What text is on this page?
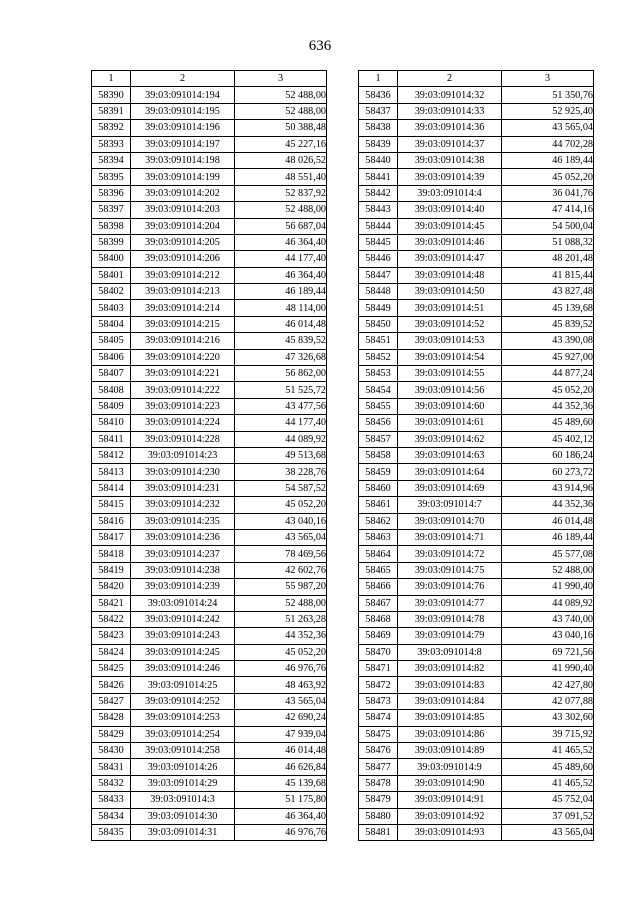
636
1	2	3
58390	39:03:091014:194	52 488,00
58391	39:03:091014:195	52 488,00
58392	39:03:091014:196	50 388,48
58393	39:03:091014:197	45 227,16
58394	39:03:091014:198	48 026,52
58395	39:03:091014:199	48 551,40
58396	39:03:091014:202	52 837,92
58397	39:03:091014:203	52 488,00
58398	39:03:091014:204	56 687,04
58399	39:03:091014:205	46 364,40
58400	39:03:091014:206	44 177,40
58401	39:03:091014:212	46 364,40
58402	39:03:091014:213	46 189,44
58403	39:03:091014:214	48 114,00
58404	39:03:091014:215	46 014,48
58405	39:03:091014:216	45 839,52
58406	39:03:091014:220	47 326,68
58407	39:03:091014:221	56 862,00
58408	39:03:091014:222	51 525,72
58409	39:03:091014:223	43 477,56
58410	39:03:091014:224	44 177,40
58411	39:03:091014:228	44 089,92
58412	39:03:091014:23	49 513,68
58413	39:03:091014:230	38 228,76
58414	39:03:091014:231	54 587,52
58415	39:03:091014:232	45 052,20
58416	39:03:091014:235	43 040,16
58417	39:03:091014:236	43 565,04
58418	39:03:091014:237	78 469,56
58419	39:03:091014:238	42 602,76
58420	39:03:091014:239	55 987,20
58421	39:03:091014:24	52 488,00
58422	39:03:091014:242	51 263,28
58423	39:03:091014:243	44 352,36
58424	39:03:091014:245	45 052,20
58425	39:03:091014:246	46 976,76
58426	39:03:091014:25	48 463,92
58427	39:03:091014:252	43 565,04
58428	39:03:091014:253	42 690,24
58429	39:03:091014:254	47 939,04
58430	39:03:091014:258	46 014,48
58431	39:03:091014:26	46 626,84
58432	39:03:091014:29	45 139,68
58433	39:03:091014:3	51 175,80
58434	39:03:091014:30	46 364,40
58435	39:03:091014:31	46 976,76
1	2	3
58436	39:03:091014:32	51 350,76
58437	39:03:091014:33	52 925,40
58438	39:03:091014:36	43 565,04
58439	39:03:091014:37	44 702,28
58440	39:03:091014:38	46 189,44
58441	39:03:091014:39	45 052,20
58442	39:03:091014:4	36 041,76
58443	39:03:091014:40	47 414,16
58444	39:03:091014:45	54 500,04
58445	39:03:091014:46	51 088,32
58446	39:03:091014:47	48 201,48
58447	39:03:091014:48	41 815,44
58448	39:03:091014:50	43 827,48
58449	39:03:091014:51	45 139,68
58450	39:03:091014:52	45 839,52
58451	39:03:091014:53	43 390,08
58452	39:03:091014:54	45 927,00
58453	39:03:091014:55	44 877,24
58454	39:03:091014:56	45 052,20
58455	39:03:091014:60	44 352,36
58456	39:03:091014:61	45 489,60
58457	39:03:091014:62	45 402,12
58458	39:03:091014:63	60 186,24
58459	39:03:091014:64	60 273,72
58460	39:03:091014:69	43 914,96
58461	39:03:091014:7	44 352,36
58462	39:03:091014:70	46 014,48
58463	39:03:091014:71	46 189,44
58464	39:03:091014:72	45 577,08
58465	39:03:091014:75	52 488,00
58466	39:03:091014:76	41 990,40
58467	39:03:091014:77	44 089,92
58468	39:03:091014:78	43 740,00
58469	39:03:091014:79	43 040,16
58470	39:03:091014:8	69 721,56
58471	39:03:091014:82	41 990,40
58472	39:03:091014:83	42 427,80
58473	39:03:091014:84	42 077,88
58474	39:03:091014:85	43 302,60
58475	39:03:091014:86	39 715,92
58476	39:03:091014:89	41 465,52
58477	39:03:091014:9	45 489,60
58478	39:03:091014:90	41 465,52
58479	39:03:091014:91	45 752,04
58480	39:03:091014:92	37 091,52
58481	39:03:091014:93	43 565,04
